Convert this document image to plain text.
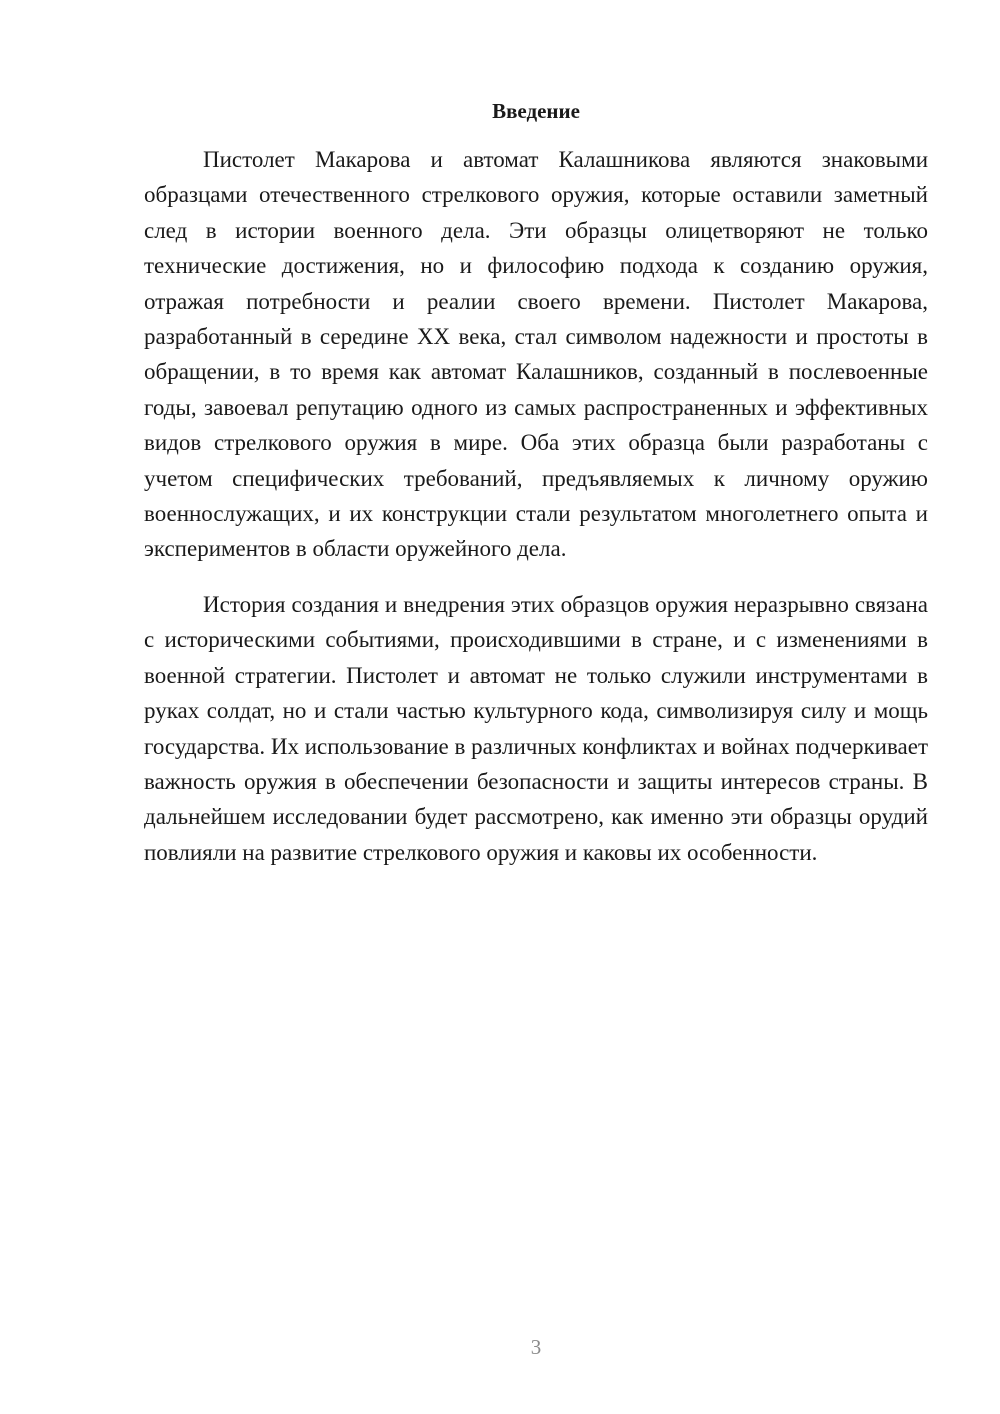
Введение

Пистолет Макарова и автомат Калашникова являются знаковыми образцами отечественного стрелкового оружия, которые оставили заметный след в истории военного дела. Эти образцы олицетворяют не только технические достижения, но и философию подхода к созданию оружия, отражая потребности и реалии своего времени. Пистолет Макарова, разработанный в середине XX века, стал символом надежности и простоты в обращении, в то время как автомат Калашников, созданный в послевоенные годы, завоевал репутацию одного из самых распространенных и эффективных видов стрелкового оружия в мире. Оба этих образца были разработаны с учетом специфических требований, предъявляемых к личному оружию военнослужащих, и их конструкции стали результатом многолетнего опыта и экспериментов в области оружейного дела.

История создания и внедрения этих образцов оружия неразрывно связана с историческими событиями, происходившими в стране, и с изменениями в военной стратегии. Пистолет и автомат не только служили инструментами в руках солдат, но и стали частью культурного кода, символизируя силу и мощь государства. Их использование в различных конфликтах и войнах подчеркивает важность оружия в обеспечении безопасности и защиты интересов страны. В дальнейшем исследовании будет рассмотрено, как именно эти образцы орудий повлияли на развитие стрелкового оружия и каковы их особенности.

3
